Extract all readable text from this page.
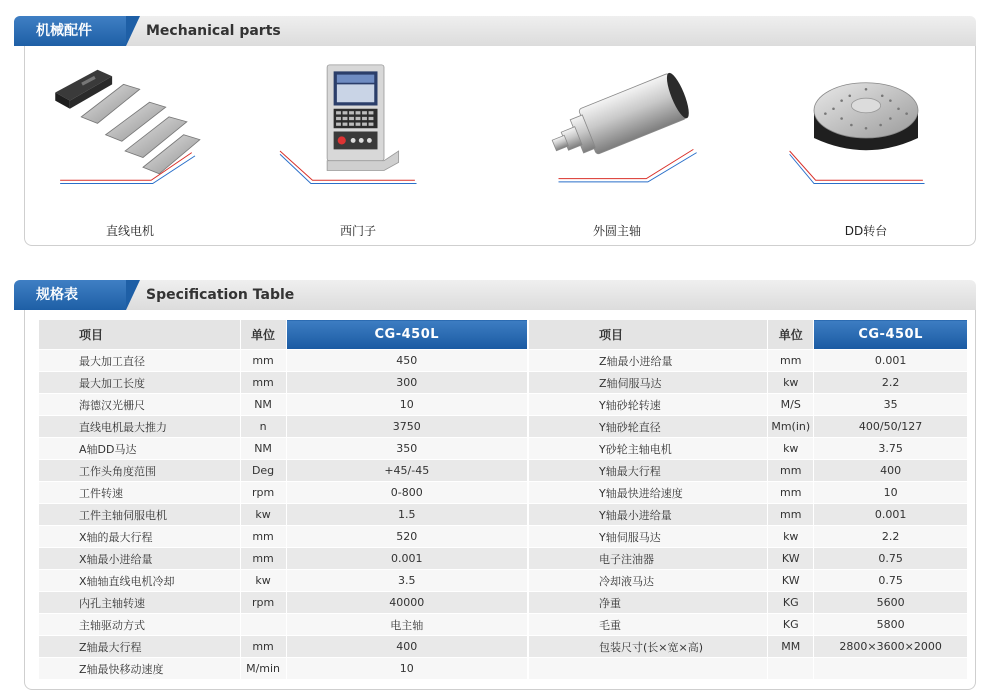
机械配件	Mechanical parts
直线电机	西门子	外圆主轴	DD转台
规格表	Specification Table
项目	单位	CG-450L
最大加工直径	mm	450
最大加工长度	mm	300
海德汉光栅尺	NM	10
直线电机最大推力	n	3750
A轴DD马达	NM	350
工作头角度范围	Deg	+45/-45
工件转速	rpm	0-800
工件主轴伺服电机	kw	1.5
X轴的最大行程	mm	520
X轴最小进给量	mm	0.001
X轴轴直线电机冷却	kw	3.5
内孔主轴转速	rpm	40000
主轴驱动方式		电主轴
Z轴最大行程	mm	400
Z轴最快移动速度	M/min	10
项目	单位	CG-450L
Z轴最小进给量	mm	0.001
Z轴伺服马达	kw	2.2
Y轴砂轮转速	M/S	35
Y轴砂轮直径	Mm(in)	400/50/127
Y砂轮主轴电机	kw	3.75
Y轴最大行程	mm	400
Y轴最快进给速度	mm	10
Y轴最小进给量	mm	0.001
Y轴伺服马达	kw	2.2
电子注油器	KW	0.75
冷却液马达	KW	0.75
净重	KG	5600
毛重	KG	5800
包装尺寸(长×宽×高)	MM	2800×3600×2000
